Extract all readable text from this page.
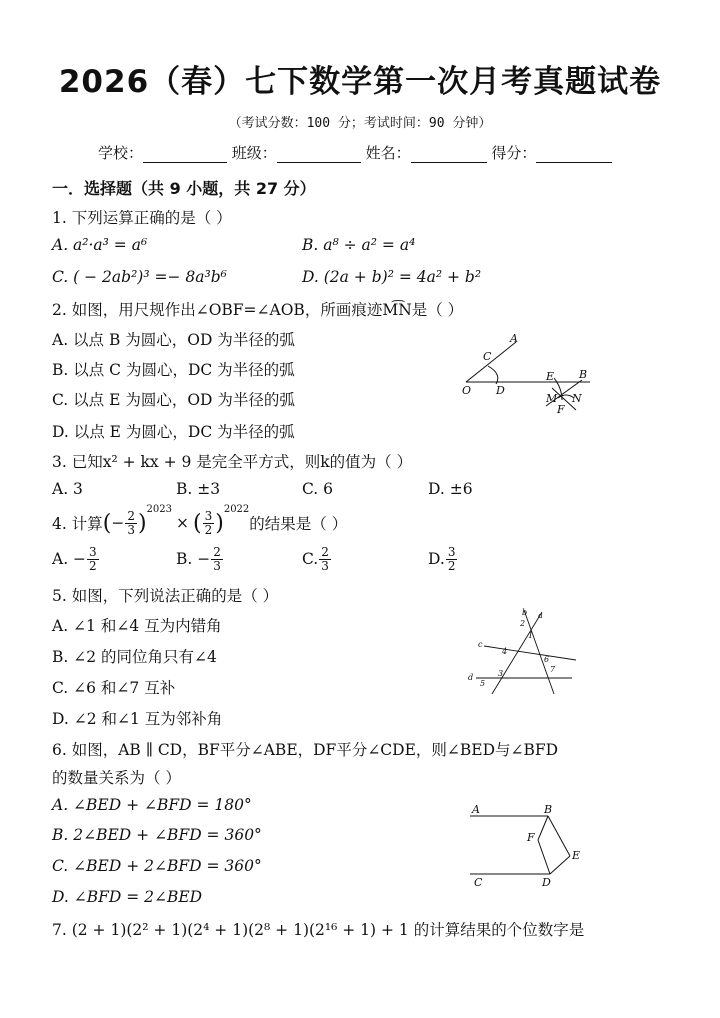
2026（春）七下数学第一次月考真题试卷
（考试分数：100 分；考试时间：90 分钟）
学校：	班级：	姓名：	得分：
一．选择题（共 9 小题，共 27 分）
1. 下列运算正确的是（ ）
A. a²·a³ = a⁶	B. a⁸ ÷ a² = a⁴
C. ( − 2ab²)³ =− 8a³b⁶	D. (2a + b)² = 4a² + b²
2. 如图，用尺规作出∠OBF=∠AOB，所画痕迹M͡N是（ ）
A. 以点 B 为圆心，OD 为半径的弧
B. 以点 C 为圆心，DC 为半径的弧
C. 以点 E 为圆心，OD 为半径的弧
D. 以点 E 为圆心，DC 为半径的弧
A
C
O D
E B
M N
F
3. 已知x² + kx + 9 是完全平方式，则k的值为（ ）
A. 3	B. ±3	C. 6	D. ±6
4. 计算 ( − $\frac{2}{3}$ )
$^{2023}$
× ( $\frac{3}{2}$ )
$^{2022}$
的结果是（ ）
A. − $\frac{3}{2}$	B. − $\frac{2}{3}$	C. $\frac{2}{3}$	D. $\frac{3}{2}$
5. 如图，下列说法正确的是（ ）
A. ∠1 和∠4 互为内错角
B. ∠2 的同位角只有∠4
C. ∠6 和∠7 互补
D. ∠2 和∠1 互为邻补角
b a
2
1
c
4
6
7
d	3
5
6. 如图，AB ∥ CD，BF平分∠ABE，DF平分∠CDE，则∠BED与∠BFD
的数量关系为（ ）
A. ∠BED + ∠BFD = 180°
B. 2∠BED + ∠BFD = 360°
C. ∠BED + 2∠BFD = 360°
D. ∠BFD = 2∠BED
A	B
F
E
C	D
7. (2 + 1)(2² + 1)(2⁴ + 1)(2⁸ + 1)(2¹⁶ + 1) + 1 的计算结果的个位数字是
